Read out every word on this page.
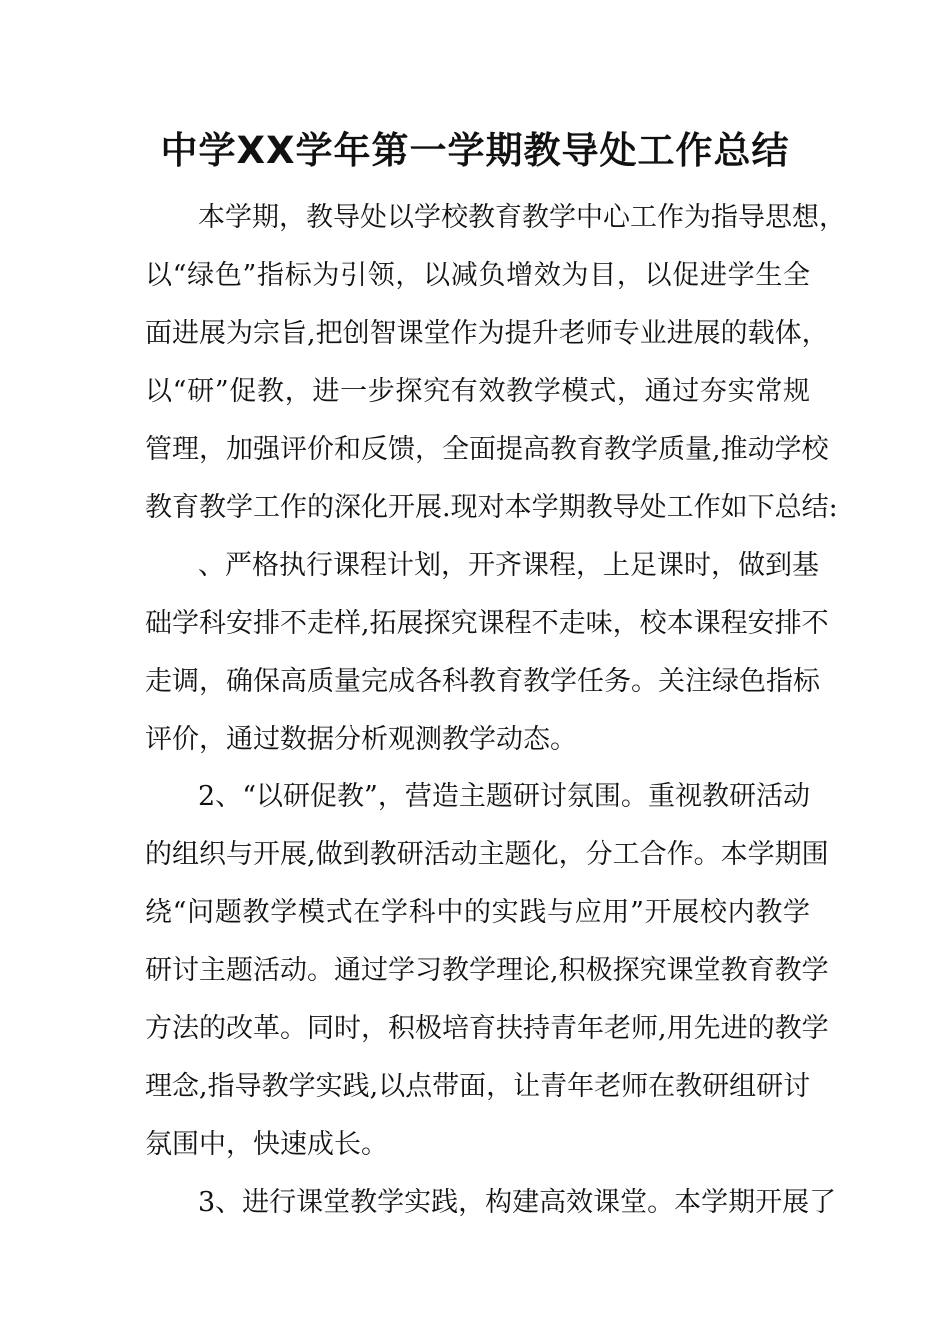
中学XX学年第一学期教导处工作总结

本学期，教导处以学校教育教学中心工作为指导思想，

以“绿色”指标为引领，以减负增效为目，以促进学生全

面进展为宗旨,把创智课堂作为提升老师专业进展的载体，

以“研”促教，进一步探究有效教学模式，通过夯实常规

管理，加强评价和反馈，全面提高教育教学质量,推动学校

教育教学工作的深化开展.现对本学期教导处工作如下总结:

、严格执行课程计划，开齐课程，上足课时，做到基

础学科安排不走样,拓展探究课程不走味，校本课程安排不

走调，确保高质量完成各科教育教学任务。关注绿色指标

评价，通过数据分析观测教学动态。

2、“以研促教”，营造主题研讨氛围。重视教研活动

的组织与开展,做到教研活动主题化，分工合作。本学期围

绕“问题教学模式在学科中的实践与应用”开展校内教学

研讨主题活动。通过学习教学理论,积极探究课堂教育教学

方法的改革。同时，积极培育扶持青年老师,用先进的教学

理念,指导教学实践,以点带面，让青年老师在教研组研讨

氛围中，快速成长。

3、进行课堂教学实践，构建高效课堂。本学期开展了
